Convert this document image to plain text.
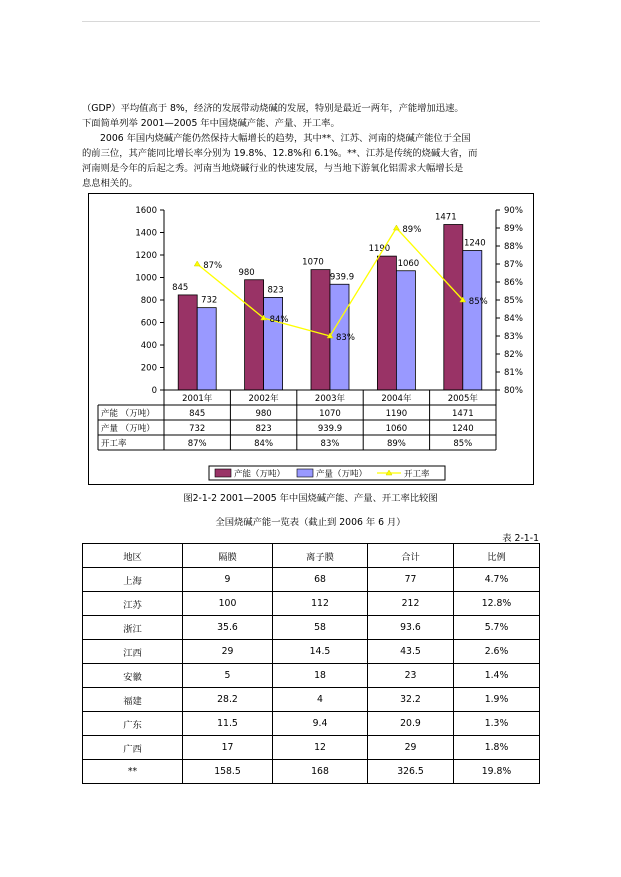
（GDP）平均值高于 8%，经济的发展带动烧碱的发展，特别是最近一两年，产能增加迅速。

下面简单列举 2001—2005 年中国烧碱产能、产量、开工率。

2006 年国内烧碱产能仍然保持大幅增长的趋势，其中**、江苏、河南的烧碱产能位于全国

的前三位，其产能同比增长率分别为 19.8%、12.8%和 6.1%。**、江苏是传统的烧碱大省，而

河南则是今年的后起之秀。河南当地烧碱行业的快速发展，与当地下游氧化铝需求大幅增长是

息息相关的。

0
200
400
600
800
1000
1200
1400
1600
80%
81%
82%
83%
84%
85%
86%
87%
88%
89%
90%
845
980
1070
1190
1471
732
823
939.9
1060
1240
87%
84%
83%
89%
85%
2001年	2002年	2003年	2004年	2005年
产能 （万吨）	845	980	1070	1190	1471
产量 （万吨）	732	823	939.9	1060	1240
开工率	87%	84%	83%	89%	85%
产能（万吨）	产量（万吨）	开工率
图2-1-2 2001—2005 年中国烧碱产能、产量、开工率比较图
全国烧碱产能一览表（截止到 2006 年 6 月）
表 2-1-1
地区	隔膜	离子膜	合计	比例
上海	9	68	77	4.7%
江苏	100	112	212	12.8%
浙江	35.6	58	93.6	5.7%
江西	29	14.5	43.5	2.6%
安徽	5	18	23	1.4%
福建	28.2	4	32.2	1.9%
广东	11.5	9.4	20.9	1.3%
广西	17	12	29	1.8%
**	158.5	168	326.5	19.8%
